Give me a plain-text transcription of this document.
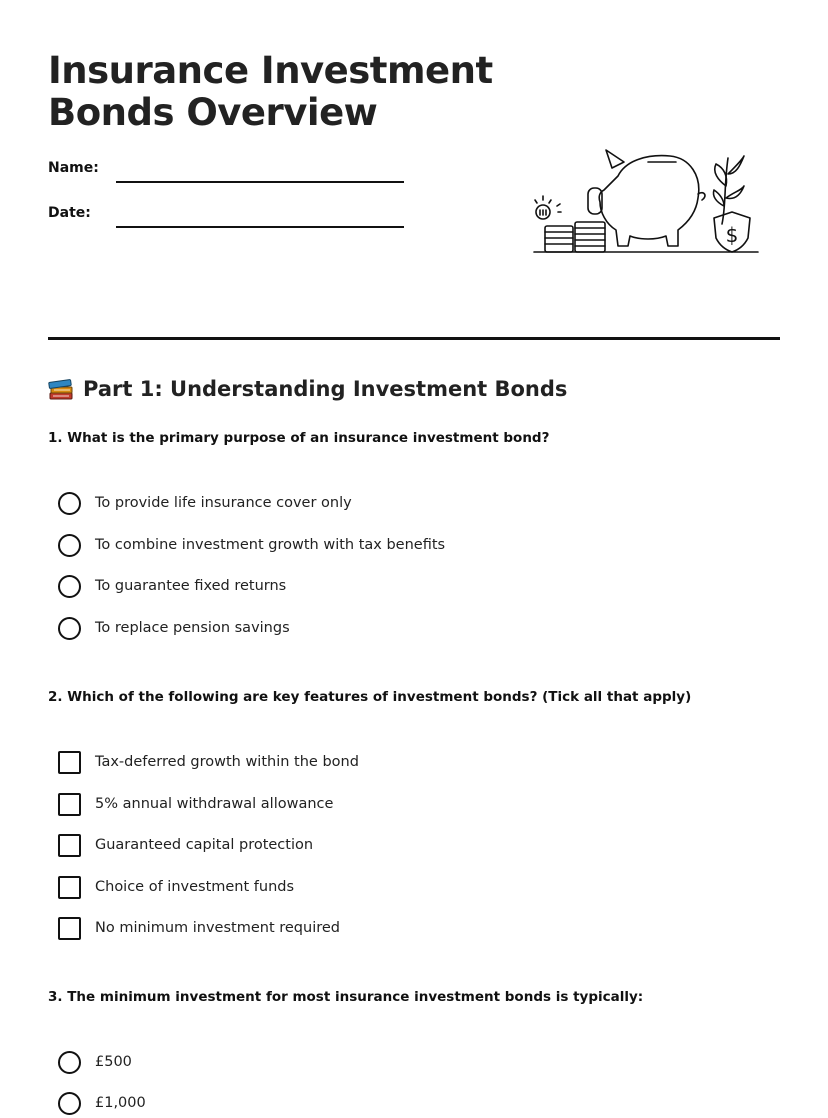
Insurance Investment
Bonds Overview
Name:
Date:
$
Part 1: Understanding Investment Bonds

1. What is the primary purpose of an insurance investment bond?

To provide life insurance cover only
To combine investment growth with tax benefits
To guarantee fixed returns
To replace pension savings

2. Which of the following are key features of investment bonds? (Tick all that apply)

Tax-deferred growth within the bond
5% annual withdrawal allowance
Guaranteed capital protection
Choice of investment funds
No minimum investment required

3. The minimum investment for most insurance investment bonds is typically:

£500
£1,000
